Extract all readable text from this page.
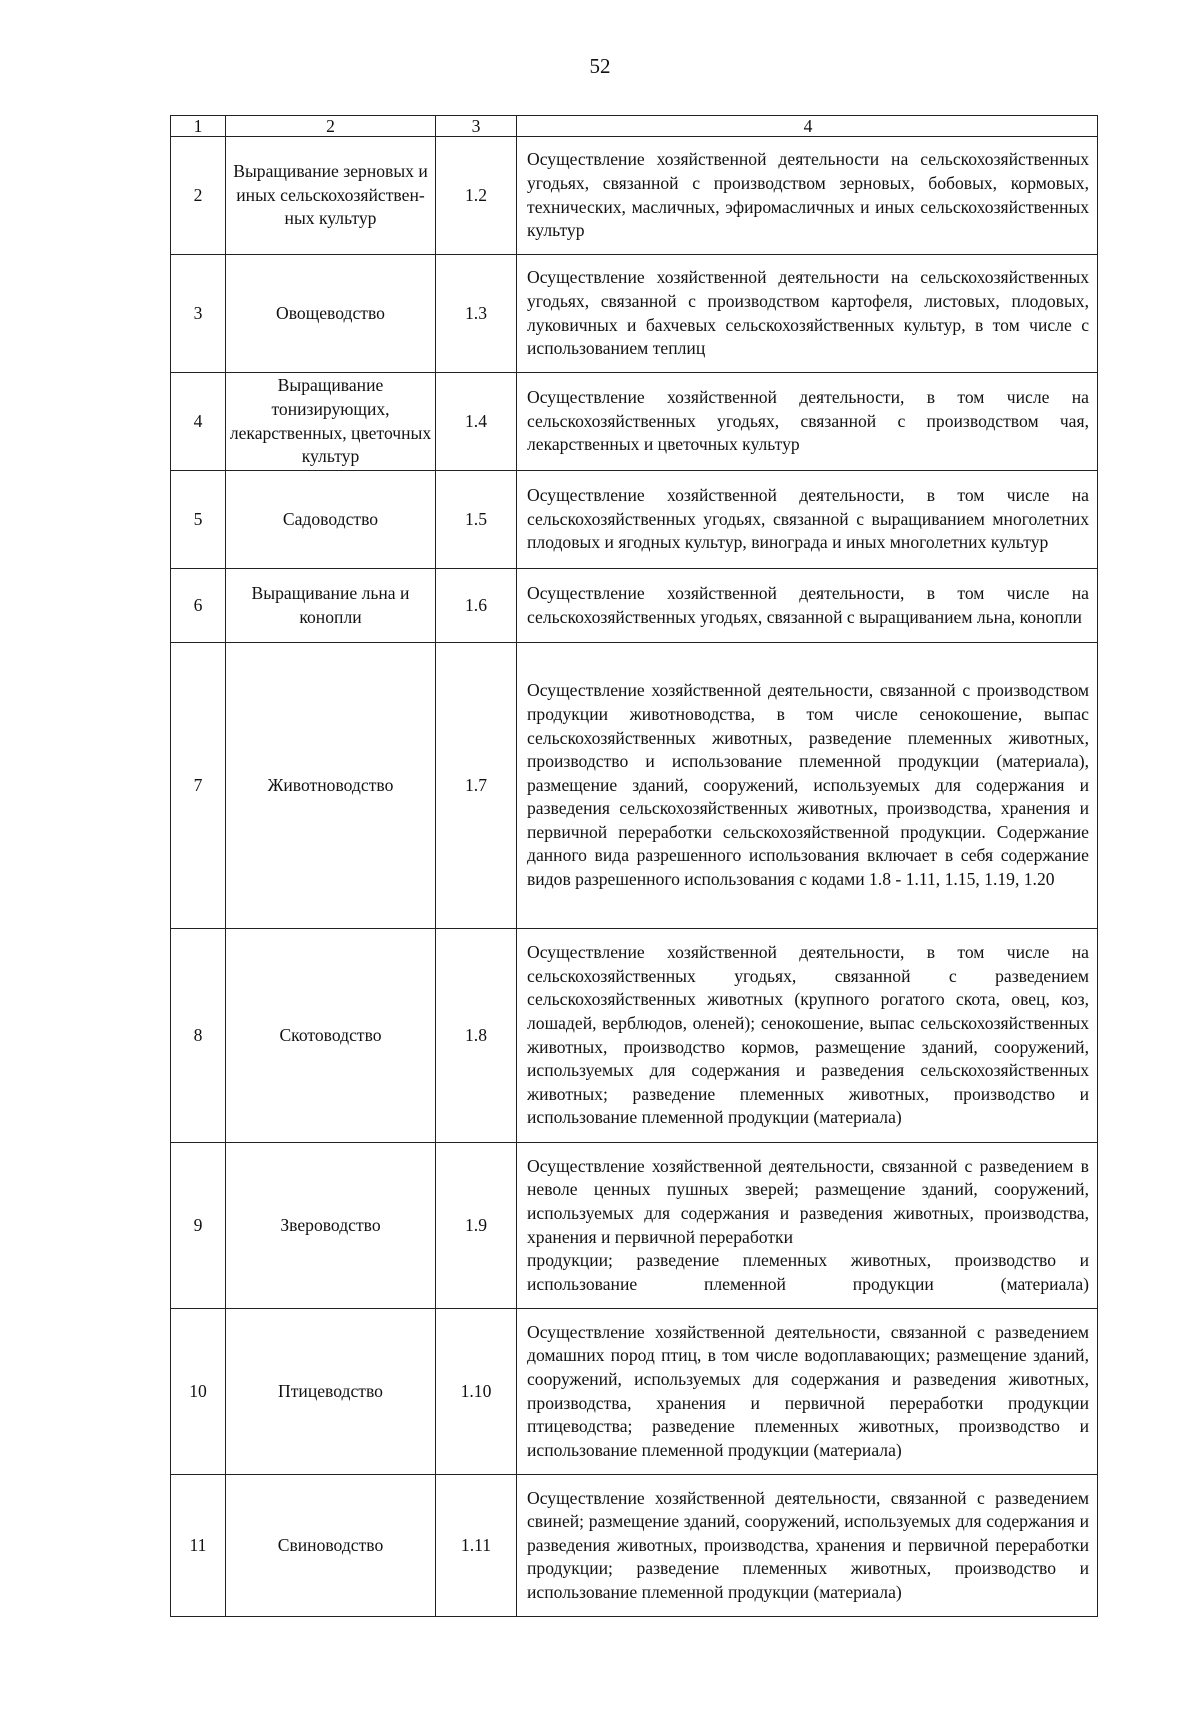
52
1	2	3	4
2	Выращивание зерновых и иных сельскохозяйствен-ных культур	1.2	Осуществление хозяйственной деятельности на сельскохозяйственных угодьях, связанной с производством зерновых, бобовых, кормовых, технических, масличных, эфиромасличных и иных сельскохозяйственных культур
3	Овощеводство	1.3	Осуществление хозяйственной деятельности на сельскохозяйственных угодьях, связанной с производством картофеля, листовых, плодовых, луковичных и бахчевых сельскохозяйственных культур, в том числе с использованием теплиц
4	Выращивание тонизирующих, лекарственных, цветочных культур	1.4	Осуществление хозяйственной деятельности, в том числе на сельскохозяйственных угодьях, связанной с производством чая, лекарственных и цветочных культур
5	Садоводство	1.5	Осуществление хозяйственной деятельности, в том числе на сельскохозяйственных угодьях, связанной с выращиванием многолетних плодовых и ягодных культур, винограда и иных многолетних культур
6	Выращивание льна и конопли	1.6	Осуществление хозяйственной деятельности, в том числе на сельскохозяйственных угодьях, связанной с выращиванием льна, конопли
7	Животноводство	1.7	Осуществление хозяйственной деятельности, связанной с производством продукции животноводства, в том числе сенокошение, выпас сельскохозяйственных животных, разведение племенных животных, производство и использование племенной продукции (материала), размещение зданий, сооружений, используемых для содержания и разведения сельскохозяйственных животных, производства, хранения и первичной переработки сельскохозяйственной продукции. Содержание данного вида разрешенного использования включает в себя содержание видов разрешенного использования с кодами 1.8 - 1.11, 1.15, 1.19, 1.20
8	Скотоводство	1.8	Осуществление хозяйственной деятельности, в том числе на сельскохозяйственных угодьях, связанной с разведением сельскохозяйственных животных (крупного рогатого скота, овец, коз, лошадей, верблюдов, оленей); сенокошение, выпас сельскохозяйственных животных, производство кормов, размещение зданий, сооружений, используемых для содержания и разведения сельскохозяйственных животных; разведение племенных животных, производство и использование племенной продукции (материала)
9	Звероводство	1.9	Осуществление хозяйственной деятельности, связанной с разведением в неволе ценных пушных зверей; размещение зданий, сооружений, используемых для содержания и разведения животных, производства, хранения и первичной переработки
продукции; разведение племенных животных, производство и использование племенной продукции (материала)

10	Птицеводство	1.10	Осуществление хозяйственной деятельности, связанной с разведением домашних пород птиц, в том числе водоплавающих; размещение зданий, сооружений, используемых для содержания и разведения животных, производства, хранения и первичной переработки продукции птицеводства; разведение племенных животных, производство и использование племенной продукции (материала)
11	Свиноводство	1.11	Осуществление хозяйственной деятельности, связанной с разведением свиней; размещение зданий, сооружений, используемых для содержания и разведения животных, производства, хранения и первичной переработки продукции; разведение племенных животных, производство и использование племенной продукции (материала)
